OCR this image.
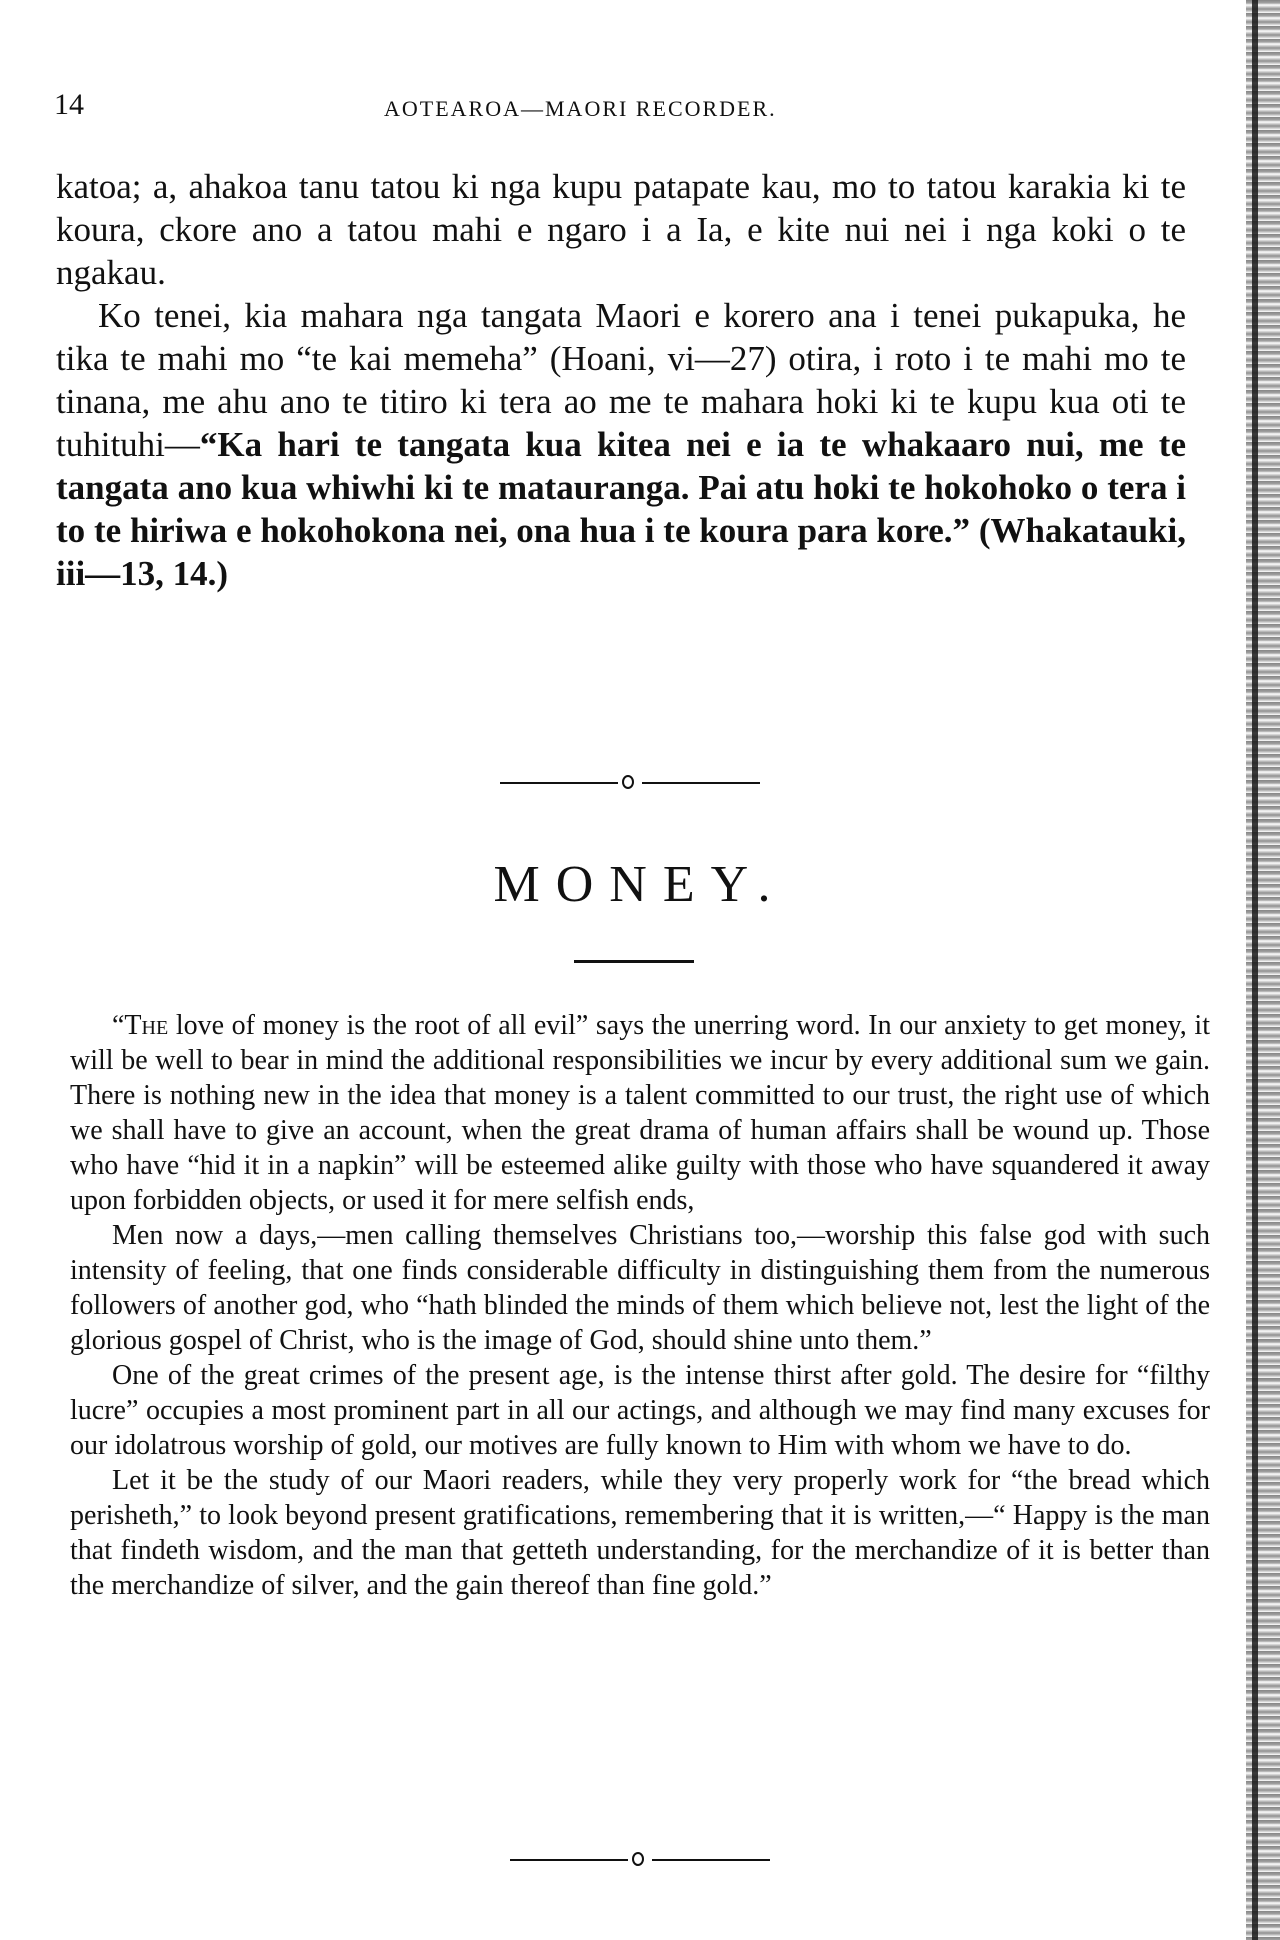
14	AOTEAROA—MAORI RECORDER.

katoa; a, ahakoa tanu tatou ki nga kupu patapate kau, mo to tatou karakia ki te koura, ckore ano a tatou mahi e ngaro i a Ia, e kite nui nei i nga koki o te ngakau.

Ko tenei, kia mahara nga tangata Maori e korero ana i tenei pukapuka, he tika te mahi mo “te kai memeha” (Hoani, vi—27) otira, i roto i te mahi mo te tinana, me ahu ano te titiro ki tera ao me te mahara hoki ki te kupu kua oti te tuhituhi—“Ka hari te tangata kua kitea nei e ia te whakaaro nui, me te tangata ano kua whiwhi ki te matauranga. Pai atu hoki te hokohoko o tera i to te hiriwa e hokohokona nei, ona hua i te koura para kore.” (Whakatauki, iii—13, 14.)

MONEY.

“The love of money is the root of all evil” says the unerring word. In our anxiety to get money, it will be well to bear in mind the additional responsibilities we incur by every additional sum we gain. There is nothing new in the idea that money is a talent committed to our trust, the right use of which we shall have to give an account, when the great drama of human affairs shall be wound up. Those who have “hid it in a napkin” will be esteemed alike guilty with those who have squandered it away upon forbidden objects, or used it for mere selfish ends,

Men now a days,—men calling themselves Christians too,—worship this false god with such intensity of feeling, that one finds considerable difficulty in distinguishing them from the numerous followers of another god, who “hath blinded the minds of them which believe not, lest the light of the glorious gospel of Christ, who is the image of God, should shine unto them.”

One of the great crimes of the present age, is the intense thirst after gold. The desire for “filthy lucre” occupies a most prominent part in all our actings, and although we may find many excuses for our idolatrous worship of gold, our motives are fully known to Him with whom we have to do.

Let it be the study of our Maori readers, while they very properly work for “the bread which perisheth,” to look beyond present gratifications, remembering that it is written,—“ Happy is the man that findeth wisdom, and the man that getteth understanding, for the merchandize of it is better than the merchandize of silver, and the gain thereof than fine gold.”
